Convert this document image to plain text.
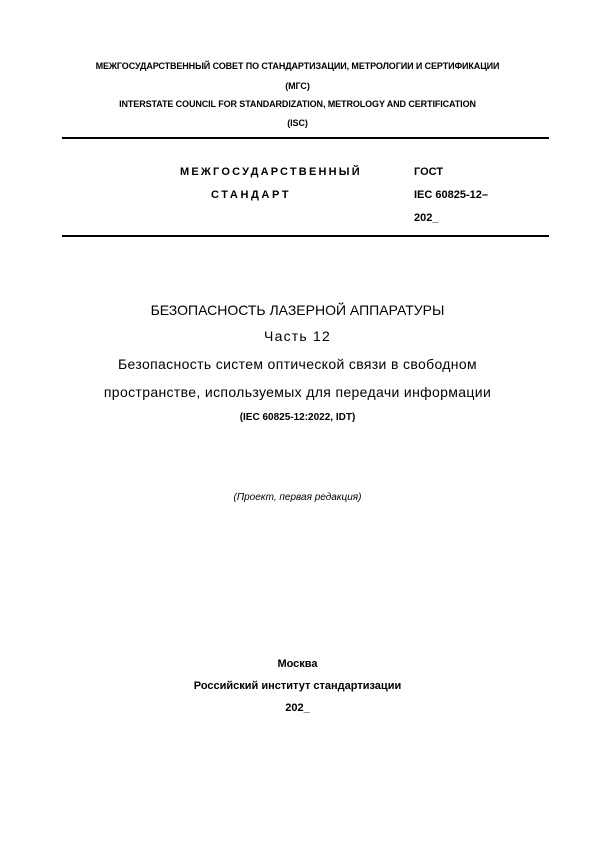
МЕЖГОСУДАРСТВЕННЫЙ СОВЕТ ПО СТАНДАРТИЗАЦИИ, МЕТРОЛОГИИ И СЕРТИФИКАЦИИ
(МГС)
INTERSTATE COUNCIL FOR STANDARDIZATION, METROLOGY AND CERTIFICATION
(ISC)
МЕЖГОСУДАРСТВЕННЫЙ
СТАНДАРТ
ГОСТ
IEC 60825-12–
202_
БЕЗОПАСНОСТЬ ЛАЗЕРНОЙ АППАРАТУРЫ
Часть 12
Безопасность систем оптической связи в свободном
пространстве, используемых для передачи информации
(IEC 60825-12:2022, IDT)
(Проект, первая редакция)
Москва
Российский институт стандартизации
202_
